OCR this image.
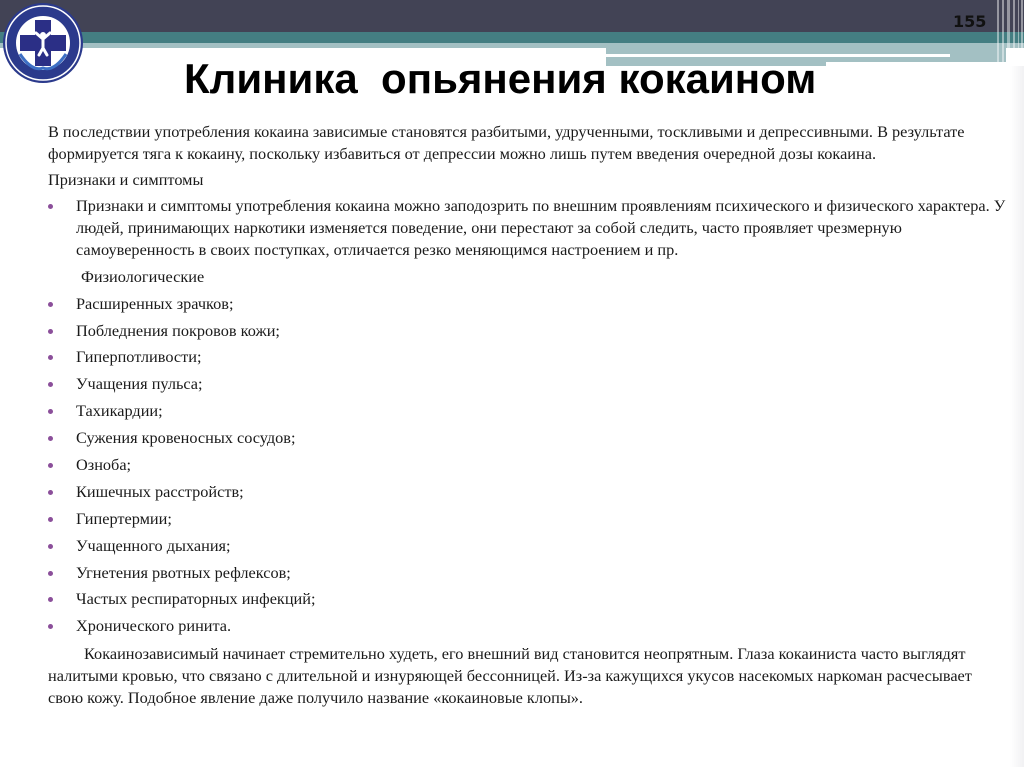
155
Клиника  опьянения кокаином

В последствии употребления кокаина зависимые становятся разбитыми, удрученными, тоскливыми и депрессивными. В результате формируется тяга к кокаину, поскольку избавиться от депрессии можно лишь путем введения очередной дозы кокаина.

Признаки и симптомы

Признаки и симптомы употребления кокаина можно заподозрить по внешним проявлениям психического и физического характера. У людей, принимающих наркотики изменяется поведение, они перестают за собой следить, часто проявляет чрезмерную самоуверенность в своих поступках, отличается резко меняющимся настроением и пр.
Физиологические
Расширенных зрачков;
Побледнения покровов кожи;
Гиперпотливости;
Учащения пульса;
Тахикардии;
Сужения кровеносных сосудов;
Озноба;
Кишечных расстройств;
Гипертермии;
Учащенного дыхания;
Угнетения рвотных рефлексов;
Частых респираторных инфекций;
Хронического ринита.

Кокаинозависимый начинает стремительно худеть, его внешний вид становится неопрятным. Глаза кокаиниста часто выглядят налитыми кровью, что связано с длительной и изнуряющей бессонницей. Из-за кажущихся укусов насекомых наркоман расчесывает свою кожу. Подобное явление даже получило название «кокаиновые клопы».
